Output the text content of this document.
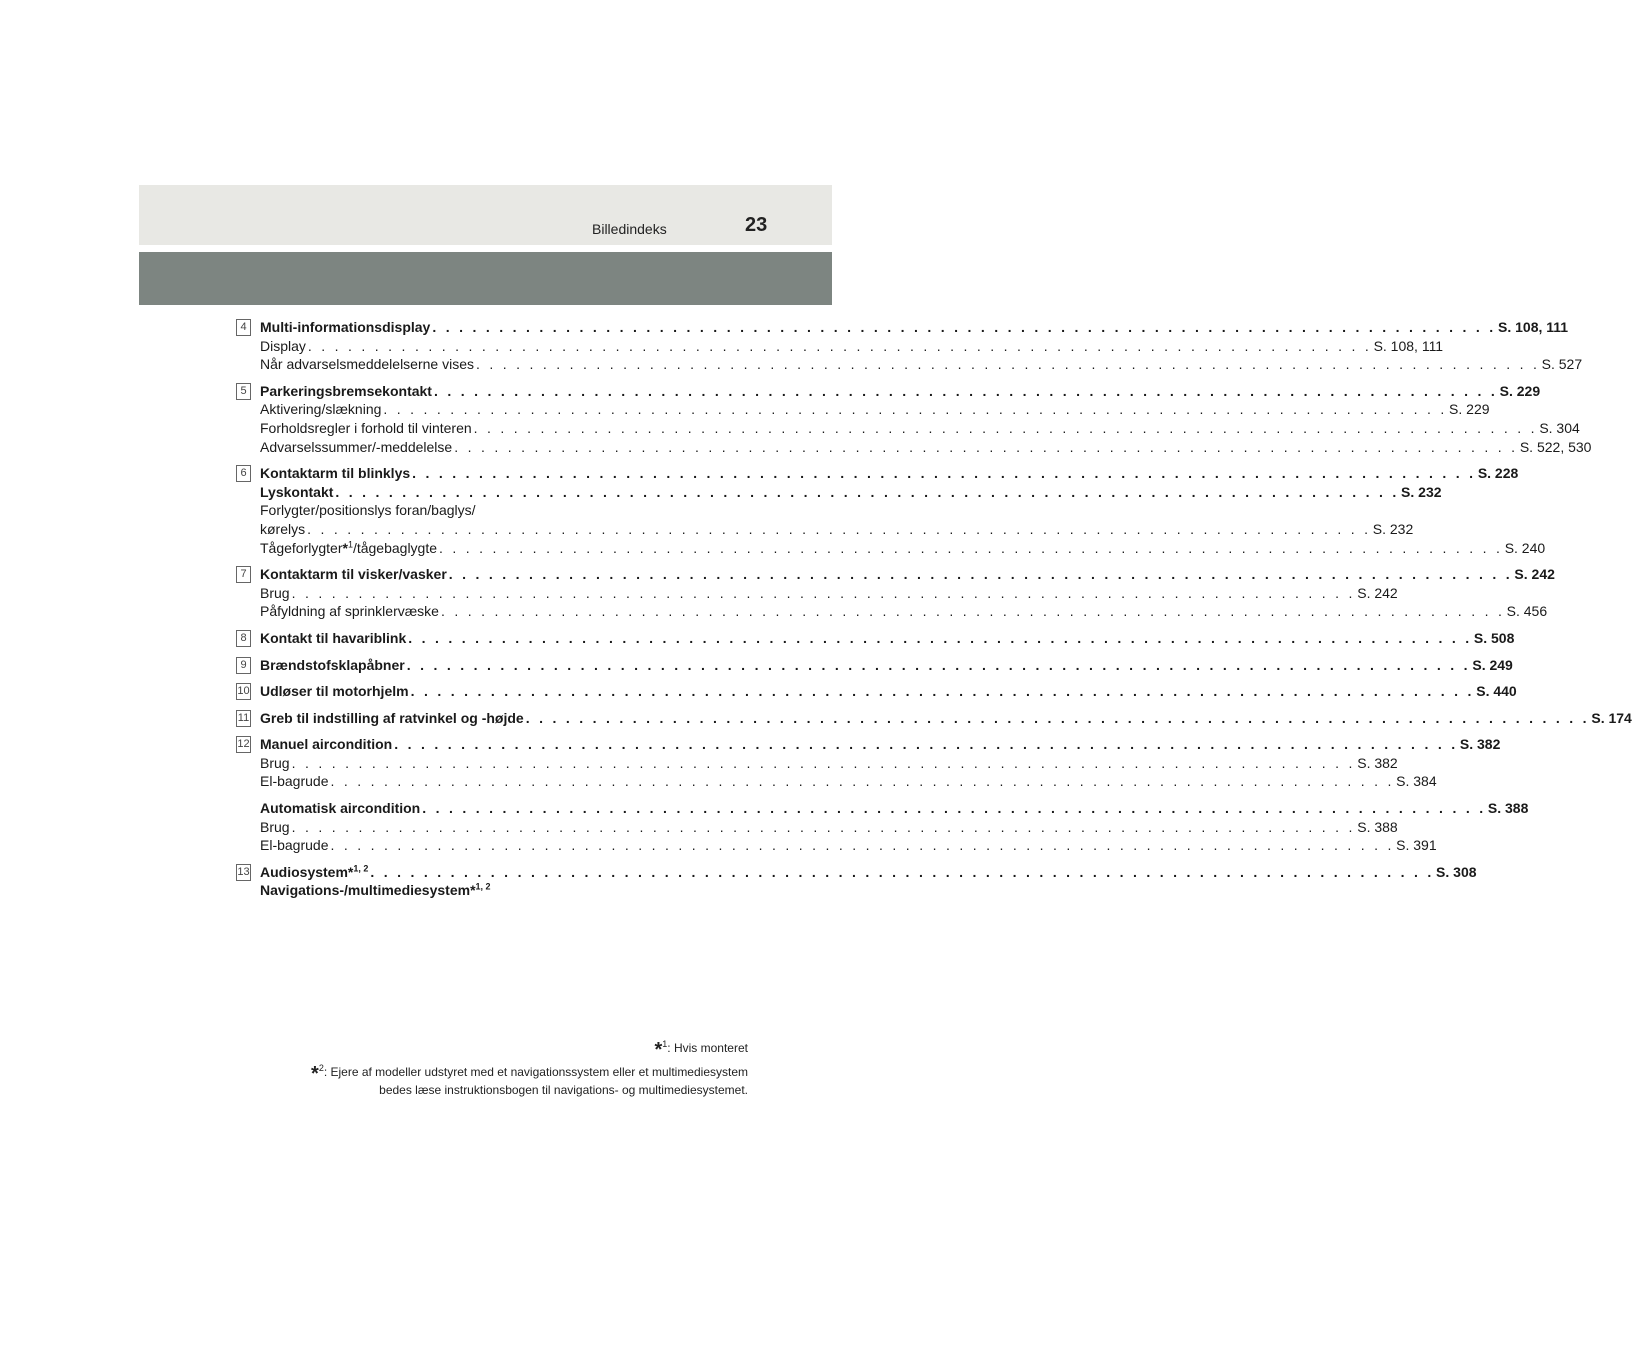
Billedindeks	23
4 Multi-informationsdisplay . . . . . . . . . . . . . . . . . . . . . . . . . . . . . . . . . . . . . . . . . . . . . . . . . . . . . . . . . . . . . . . . . . . . . . . . . . . . . . . . S. 108, 111
Display . . . . . . . . . . . . . . . . . . . . . . . . . . . . . . . . . . . . . . . . . . . . . . . . . . . . . . . . . . . . . . . . . . . . . . . . . . . . . . . . S. 108, 111
Når advarselsmeddelelserne vises . . . . . . . . . . . . . . . . . . . . . . . . . . . . . . . . . . . . . . . . . . . . . . . . . . . . . . . . . . . . . . . . . . . . . . . . . . . . . . . . S. 527
5 Parkeringsbremsekontakt . . . . . . . . . . . . . . . . . . . . . . . . . . . . . . . . . . . . . . . . . . . . . . . . . . . . . . . . . . . . . . . . . . . . . . . . . . . . . . . . S. 229
Aktivering/slækning . . . . . . . . . . . . . . . . . . . . . . . . . . . . . . . . . . . . . . . . . . . . . . . . . . . . . . . . . . . . . . . . . . . . . . . . . . . . . . . . S. 229
Forholdsregler i forhold til vinteren . . . . . . . . . . . . . . . . . . . . . . . . . . . . . . . . . . . . . . . . . . . . . . . . . . . . . . . . . . . . . . . . . . . . . . . . . . . . . . . . S. 304
Advarselssummer/-meddelelse . . . . . . . . . . . . . . . . . . . . . . . . . . . . . . . . . . . . . . . . . . . . . . . . . . . . . . . . . . . . . . . . . . . . . . . . . . . . . . . . S. 522, 530
6 Kontaktarm til blinklys . . . . . . . . . . . . . . . . . . . . . . . . . . . . . . . . . . . . . . . . . . . . . . . . . . . . . . . . . . . . . . . . . . . . . . . . . . . . . . . . S. 228
Lyskontakt . . . . . . . . . . . . . . . . . . . . . . . . . . . . . . . . . . . . . . . . . . . . . . . . . . . . . . . . . . . . . . . . . . . . . . . . . . . . . . . . S. 232
Forlygter/positionslys foran/baglys/
kørelys . . . . . . . . . . . . . . . . . . . . . . . . . . . . . . . . . . . . . . . . . . . . . . . . . . . . . . . . . . . . . . . . . . . . . . . . . . . . . . . . S. 232
Tågeforlygter*$^1$/tågebaglygte . . . . . . . . . . . . . . . . . . . . . . . . . . . . . . . . . . . . . . . . . . . . . . . . . . . . . . . . . . . . . . . . . . . . . . . . . . . . . . . . S. 240
7 Kontaktarm til visker/vasker . . . . . . . . . . . . . . . . . . . . . . . . . . . . . . . . . . . . . . . . . . . . . . . . . . . . . . . . . . . . . . . . . . . . . . . . . . . . . . . . S. 242
Brug . . . . . . . . . . . . . . . . . . . . . . . . . . . . . . . . . . . . . . . . . . . . . . . . . . . . . . . . . . . . . . . . . . . . . . . . . . . . . . . . S. 242
Påfyldning af sprinklervæske . . . . . . . . . . . . . . . . . . . . . . . . . . . . . . . . . . . . . . . . . . . . . . . . . . . . . . . . . . . . . . . . . . . . . . . . . . . . . . . . S. 456
8 Kontakt til havariblink . . . . . . . . . . . . . . . . . . . . . . . . . . . . . . . . . . . . . . . . . . . . . . . . . . . . . . . . . . . . . . . . . . . . . . . . . . . . . . . . S. 508
9 Brændstofsklapåbner . . . . . . . . . . . . . . . . . . . . . . . . . . . . . . . . . . . . . . . . . . . . . . . . . . . . . . . . . . . . . . . . . . . . . . . . . . . . . . . . S. 249
10 Udløser til motorhjelm . . . . . . . . . . . . . . . . . . . . . . . . . . . . . . . . . . . . . . . . . . . . . . . . . . . . . . . . . . . . . . . . . . . . . . . . . . . . . . . . S. 440
11 Greb til indstilling af ratvinkel og -højde . . . . . . . . . . . . . . . . . . . . . . . . . . . . . . . . . . . . . . . . . . . . . . . . . . . . . . . . . . . . . . . . . . . . . . . . . . . . . . . . S. 174
12 Manuel aircondition . . . . . . . . . . . . . . . . . . . . . . . . . . . . . . . . . . . . . . . . . . . . . . . . . . . . . . . . . . . . . . . . . . . . . . . . . . . . . . . . S. 382
Brug . . . . . . . . . . . . . . . . . . . . . . . . . . . . . . . . . . . . . . . . . . . . . . . . . . . . . . . . . . . . . . . . . . . . . . . . . . . . . . . . S. 382
El-bagrude . . . . . . . . . . . . . . . . . . . . . . . . . . . . . . . . . . . . . . . . . . . . . . . . . . . . . . . . . . . . . . . . . . . . . . . . . . . . . . . . S. 384
Automatisk aircondition . . . . . . . . . . . . . . . . . . . . . . . . . . . . . . . . . . . . . . . . . . . . . . . . . . . . . . . . . . . . . . . . . . . . . . . . . . . . . . . . S. 388
Brug . . . . . . . . . . . . . . . . . . . . . . . . . . . . . . . . . . . . . . . . . . . . . . . . . . . . . . . . . . . . . . . . . . . . . . . . . . . . . . . . S. 388
El-bagrude . . . . . . . . . . . . . . . . . . . . . . . . . . . . . . . . . . . . . . . . . . . . . . . . . . . . . . . . . . . . . . . . . . . . . . . . . . . . . . . . S. 391
13 Audiosystem*$^{1, 2}$ . . . . . . . . . . . . . . . . . . . . . . . . . . . . . . . . . . . . . . . . . . . . . . . . . . . . . . . . . . . . . . . . . . . . . . . . . . . . . . . . S. 308
Navigations-/multimediesystem*$^{1, 2}$
*$^1$: Hvis monteret
*$^2$: Ejere af modeller udstyret med et navigationssystem eller et multimediesystem
bedes læse instruktionsbogen til navigations- og multimediesystemet.
